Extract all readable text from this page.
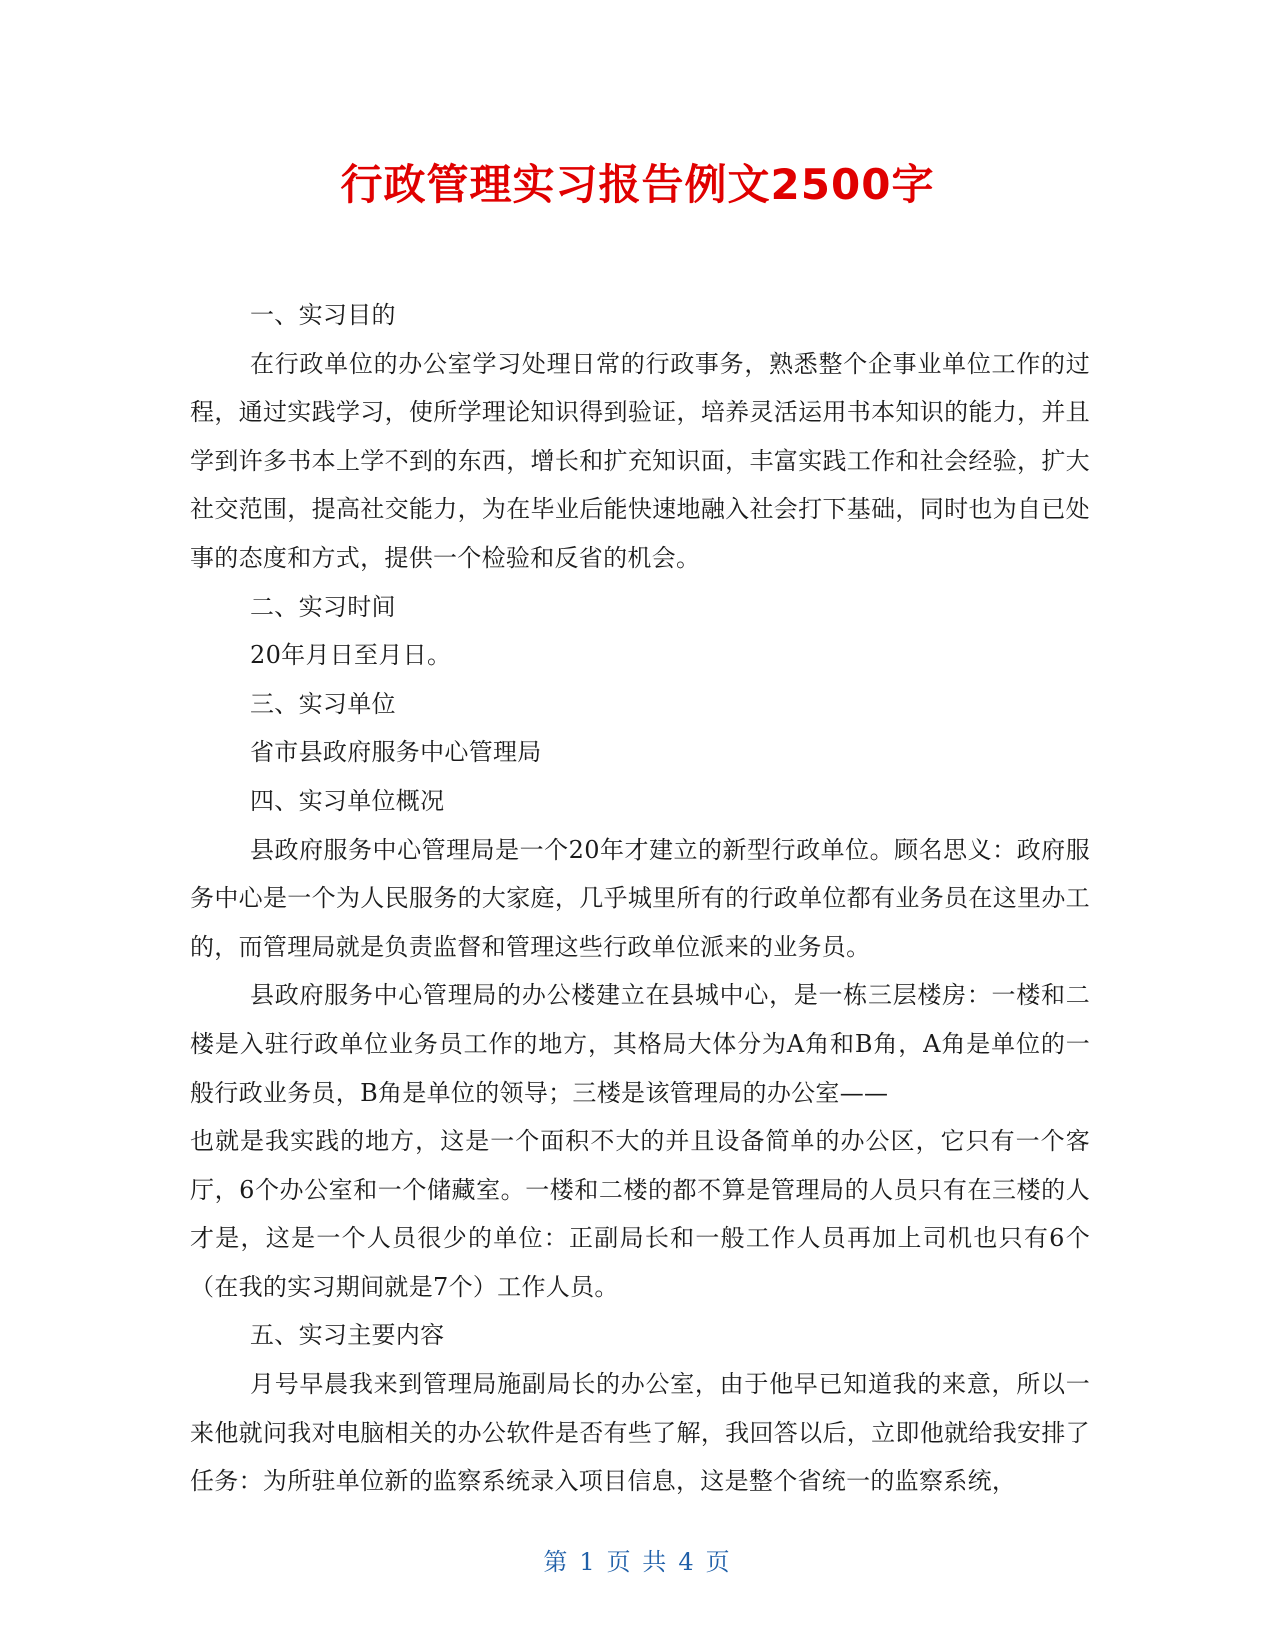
行政管理实习报告例文2500字

一、实习目的

在行政单位的办公室学习处理日常的行政事务，熟悉整个企事业单位工作的过程，通过实践学习，使所学理论知识得到验证，培养灵活运用书本知识的能力，并且学到许多书本上学不到的东西，增长和扩充知识面，丰富实践工作和社会经验，扩大社交范围，提高社交能力，为在毕业后能快速地融入社会打下基础，同时也为自已处事的态度和方式，提供一个检验和反省的机会。

二、实习时间

20年月日至月日。

三、实习单位

省市县政府服务中心管理局

四、实习单位概况

县政府服务中心管理局是一个20年才建立的新型行政单位。顾名思义：政府服务中心是一个为人民服务的大家庭，几乎城里所有的行政单位都有业务员在这里办工的，而管理局就是负责监督和管理这些行政单位派来的业务员。

县政府服务中心管理局的办公楼建立在县城中心，是一栋三层楼房：一楼和二楼是入驻行政单位业务员工作的地方，其格局大体分为A角和B角，A角是单位的一般行政业务员，B角是单位的领导；三楼是该管理局的办公室——

也就是我实践的地方，这是一个面积不大的并且设备简单的办公区，它只有一个客厅，6个办公室和一个储藏室。一楼和二楼的都不算是管理局的人员只有在三楼的人才是，这是一个人员很少的单位：正副局长和一般工作人员再加上司机也只有6个（在我的实习期间就是7个）工作人员。

五、实习主要内容

月号早晨我来到管理局施副局长的办公室，由于他早已知道我的来意，所以一来他就问我对电脑相关的办公软件是否有些了解，我回答以后，立即他就给我安排了任务：为所驻单位新的监察系统录入项目信息，这是整个省统一的监察系统，

第 1 页 共 4 页
